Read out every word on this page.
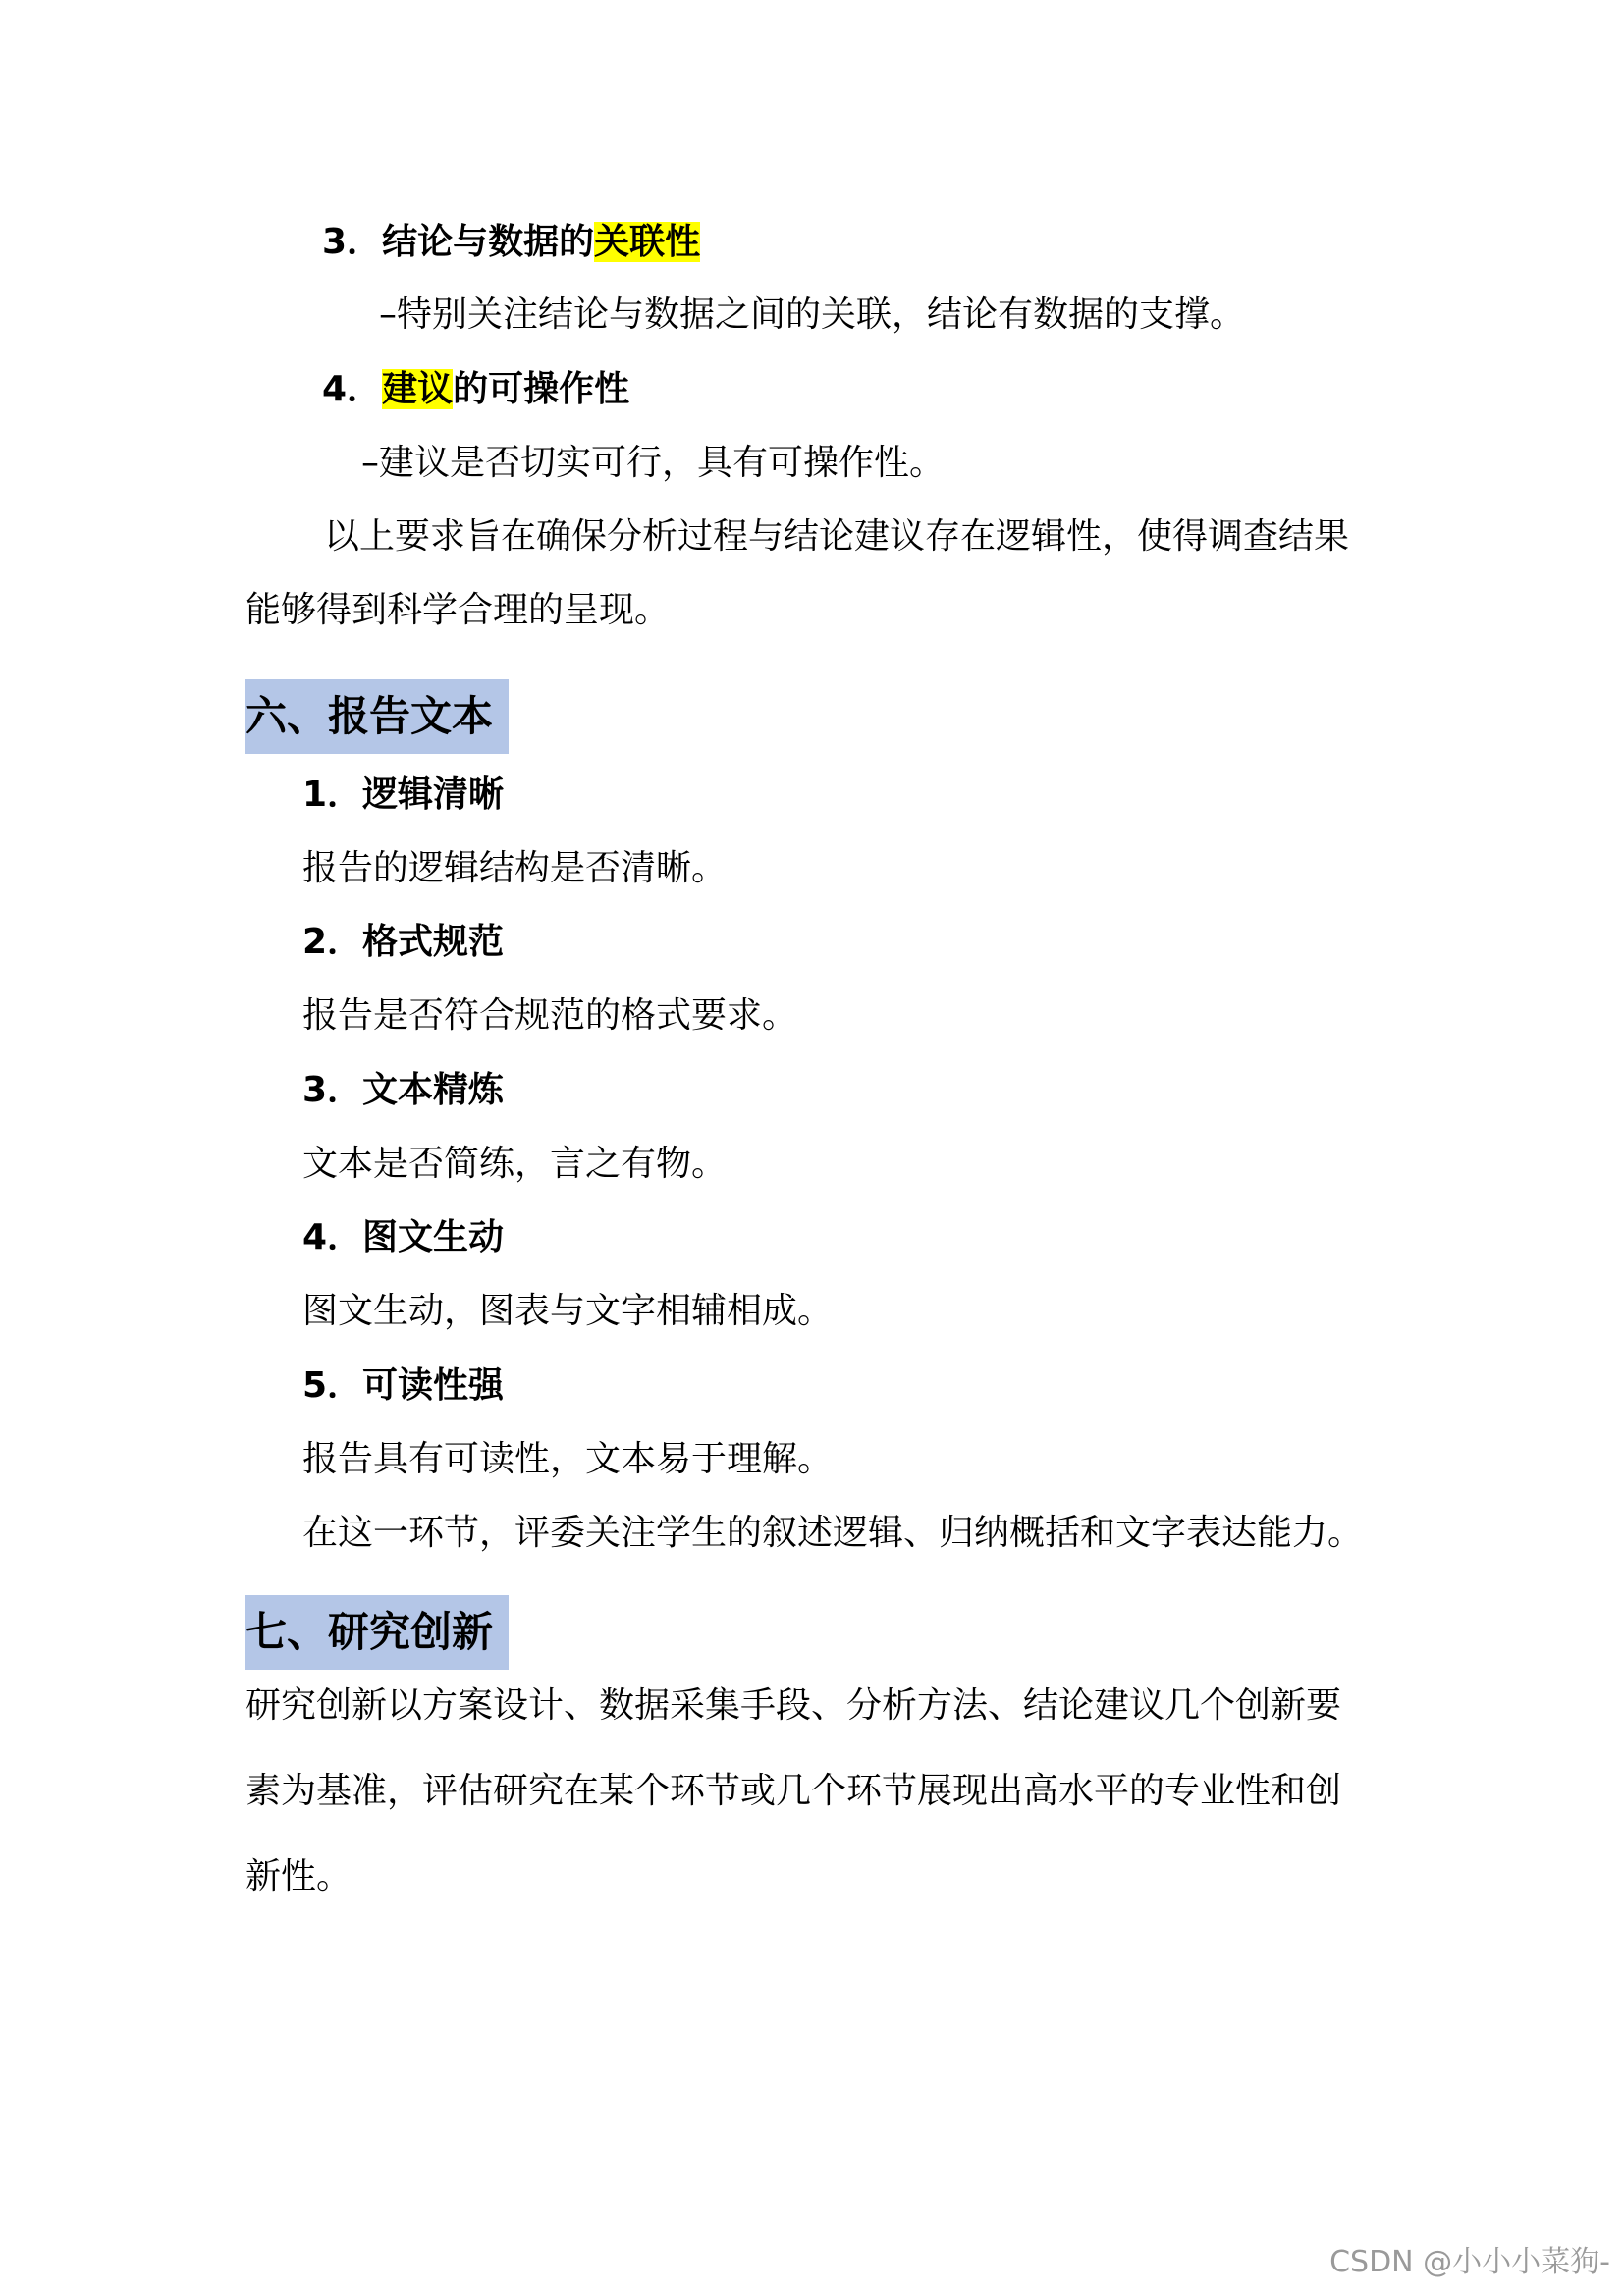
3．结论与数据的关联性
–特别关注结论与数据之间的关联，结论有数据的支撑。
4．建议的可操作性
–建议是否切实可行，具有可操作性。
以上要求旨在确保分析过程与结论建议存在逻辑性，使得调查结果
能够得到科学合理的呈现。
六、报告文本
1．逻辑清晰
报告的逻辑结构是否清晰。
2．格式规范
报告是否符合规范的格式要求。
3．文本精炼
文本是否简练，言之有物。
4．图文生动
图文生动，图表与文字相辅相成。
5．可读性强
报告具有可读性，文本易于理解。
在这一环节，评委关注学生的叙述逻辑、归纳概括和文字表达能力。
七、研究创新
研究创新以方案设计、数据采集手段、分析方法、结论建议几个创新要
素为基准，评估研究在某个环节或几个环节展现出高水平的专业性和创
新性。
CSDN @小小小菜狗-
